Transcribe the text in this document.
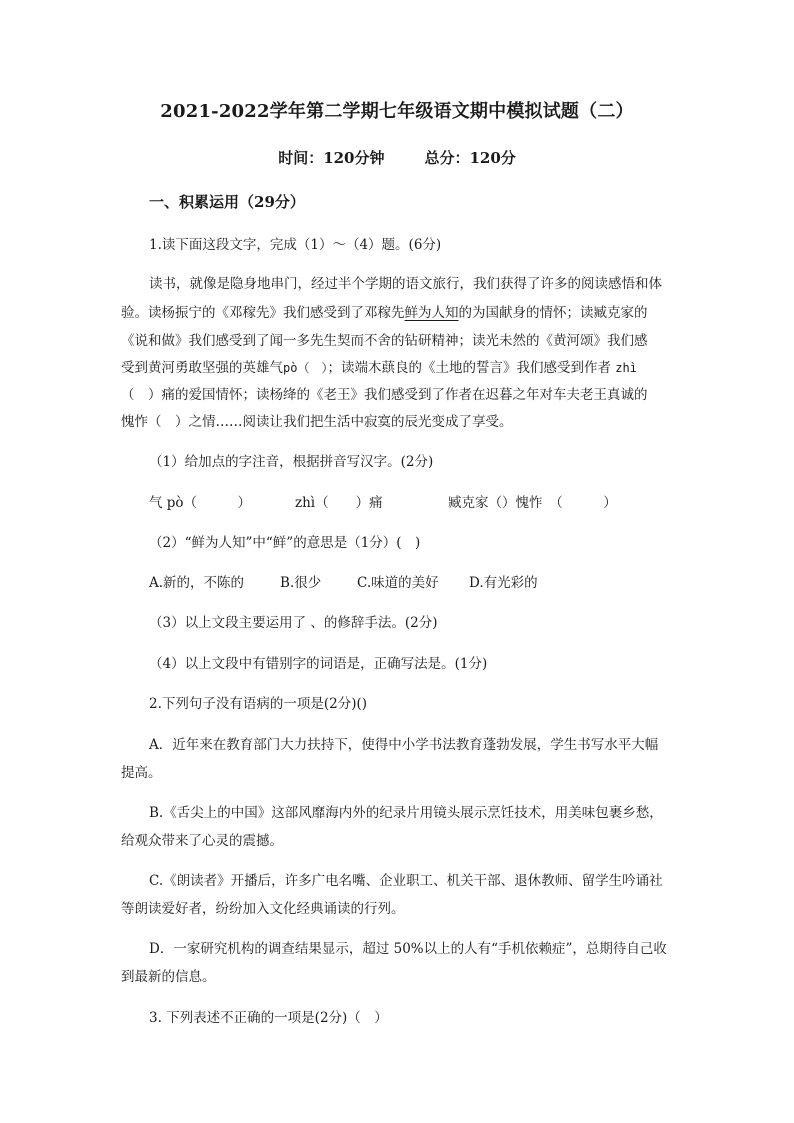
2021-2022学年第二学期七年级语文期中模拟试题（二）
时间：120分钟	总分：120分
一、积累运用（29分）
1.读下面这段文字，完成（1）～（4）题。(6分)
读书，就像是隐身地串门，经过半个学期的语文旅行，我们获得了许多的阅读感悟和体
验。读杨振宁的《邓稼先》我们感受到了邓稼先鲜为人知的为国献身的情怀；读臧克家的
《说和做》我们感受到了闻一多先生契而不舍的钻研精神；读光未然的《黄河颂》我们感
受到黄河勇敢坚强的英雄气pò（　）；读端木蕻良的《土地的誓言》我们感受到作者 zhì
（　）痛的爱国情怀；读杨绛的《老王》我们感受到了作者在迟暮之年对车夫老王真诚的
愧怍（　）之情……阅读让我们把生活中寂寞的辰光变成了享受。
（1）给加点的字注音，根据拼音写汉字。(2分)
气 pò（　　　）	zhì（　　）痛	臧克家（）愧怍　（　　　）
（2）“鲜为人知”中“鲜”的意思是（1分）(　)
A.新的，不陈的	B.很少	C.味道的美好 D.有光彩的
（3）以上文段主要运用了 、的修辞手法。(2分)
（4）以上文段中有错别字的词语是，正确写法是。(1分)
2.下列句子没有语病的一项是(2分)()
A．近年来在教育部门大力扶持下，使得中小学书法教育蓬勃发展，学生书写水平大幅
提高。
B.《舌尖上的中国》这部风靡海内外的纪录片用镜头展示烹饪技术，用美味包裹乡愁，
给观众带来了心灵的震撼。
C.《朗读者》开播后，许多广电名嘴、企业职工、机关干部、退休教师、留学生吟诵社
等朗读爱好者，纷纷加入文化经典诵读的行列。
D．一家研究机构的调查结果显示，超过 50%以上的人有“手机依赖症”，总期待自己收
到最新的信息。
3. 下列表述不正确的一项是(2分)（　）
